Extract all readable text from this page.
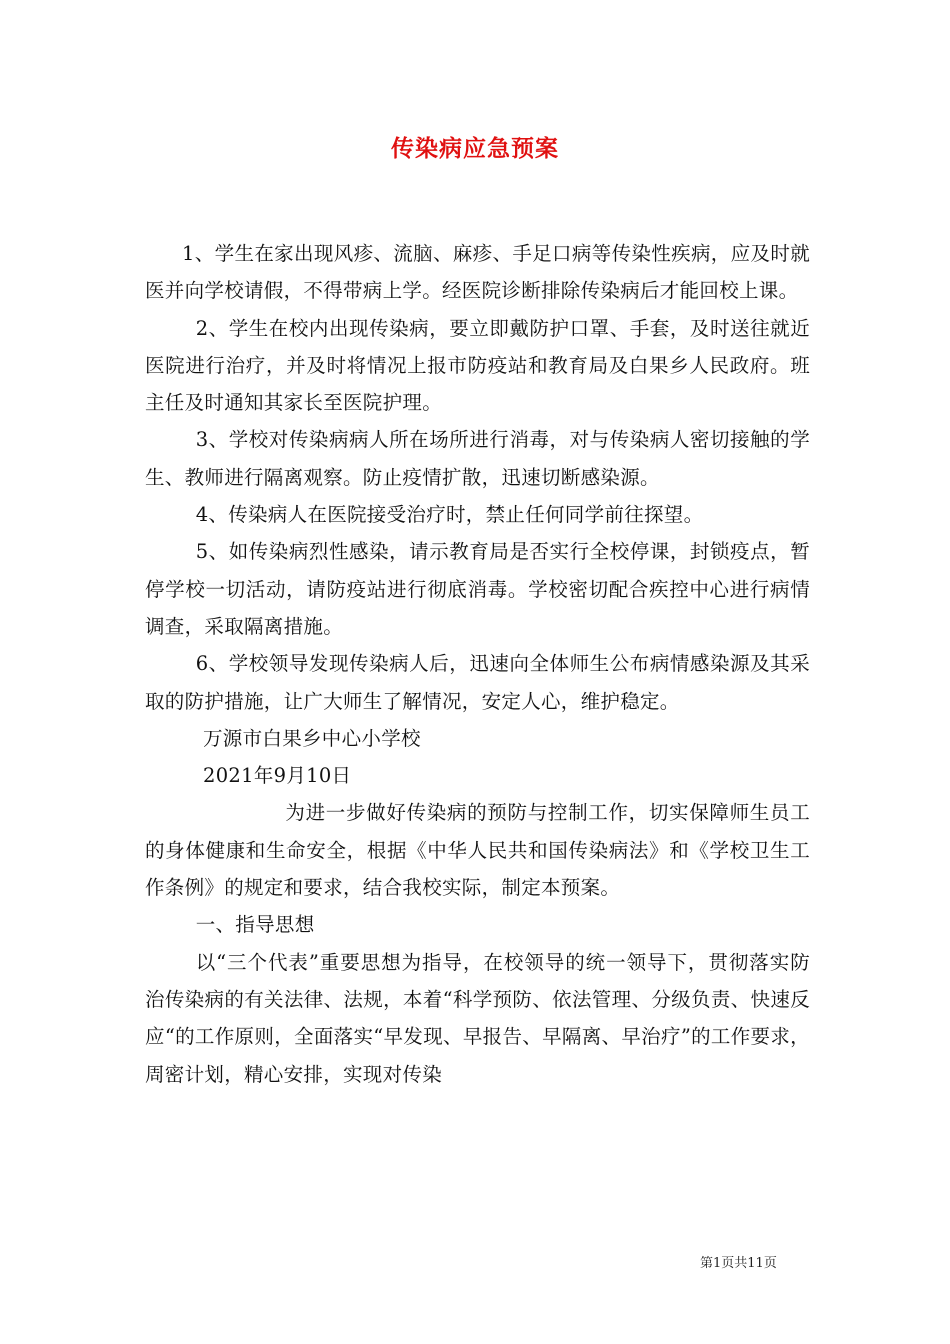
传染病应急预案

1、学生在家出现风疹、流脑、麻疹、手足口病等传染性疾病，应及时就医并向学校请假，不得带病上学。经医院诊断排除传染病后才能回校上课。

2、学生在校内出现传染病，要立即戴防护口罩、手套，及时送往就近医院进行治疗，并及时将情况上报市防疫站和教育局及白果乡人民政府。班主任及时通知其家长至医院护理。

3、学校对传染病病人所在场所进行消毒，对与传染病人密切接触的学生、教师进行隔离观察。防止疫情扩散，迅速切断感染源。

4、传染病人在医院接受治疗时，禁止任何同学前往探望。

5、如传染病烈性感染，请示教育局是否实行全校停课，封锁疫点，暂停学校一切活动，请防疫站进行彻底消毒。学校密切配合疾控中心进行病情调查，采取隔离措施。

6、学校领导发现传染病人后，迅速向全体师生公布病情感染源及其采取的防护措施，让广大师生了解情况，安定人心，维护稳定。

万源市白果乡中心小学校

2021年9月10日

为进一步做好传染病的预防与控制工作，切实保障师生员工的身体健康和生命安全，根据《中华人民共和国传染病法》和《学校卫生工作条例》的规定和要求，结合我校实际，制定本预案。

一、指导思想

以“三个代表”重要思想为指导，在校领导的统一领导下，贯彻落实防治传染病的有关法律、法规，本着“科学预防、依法管理、分级负责、快速反应“的工作原则，全面落实“早发现、早报告、早隔离、早治疗”的工作要求，周密计划，精心安排，实现对传染

第1页共11页
